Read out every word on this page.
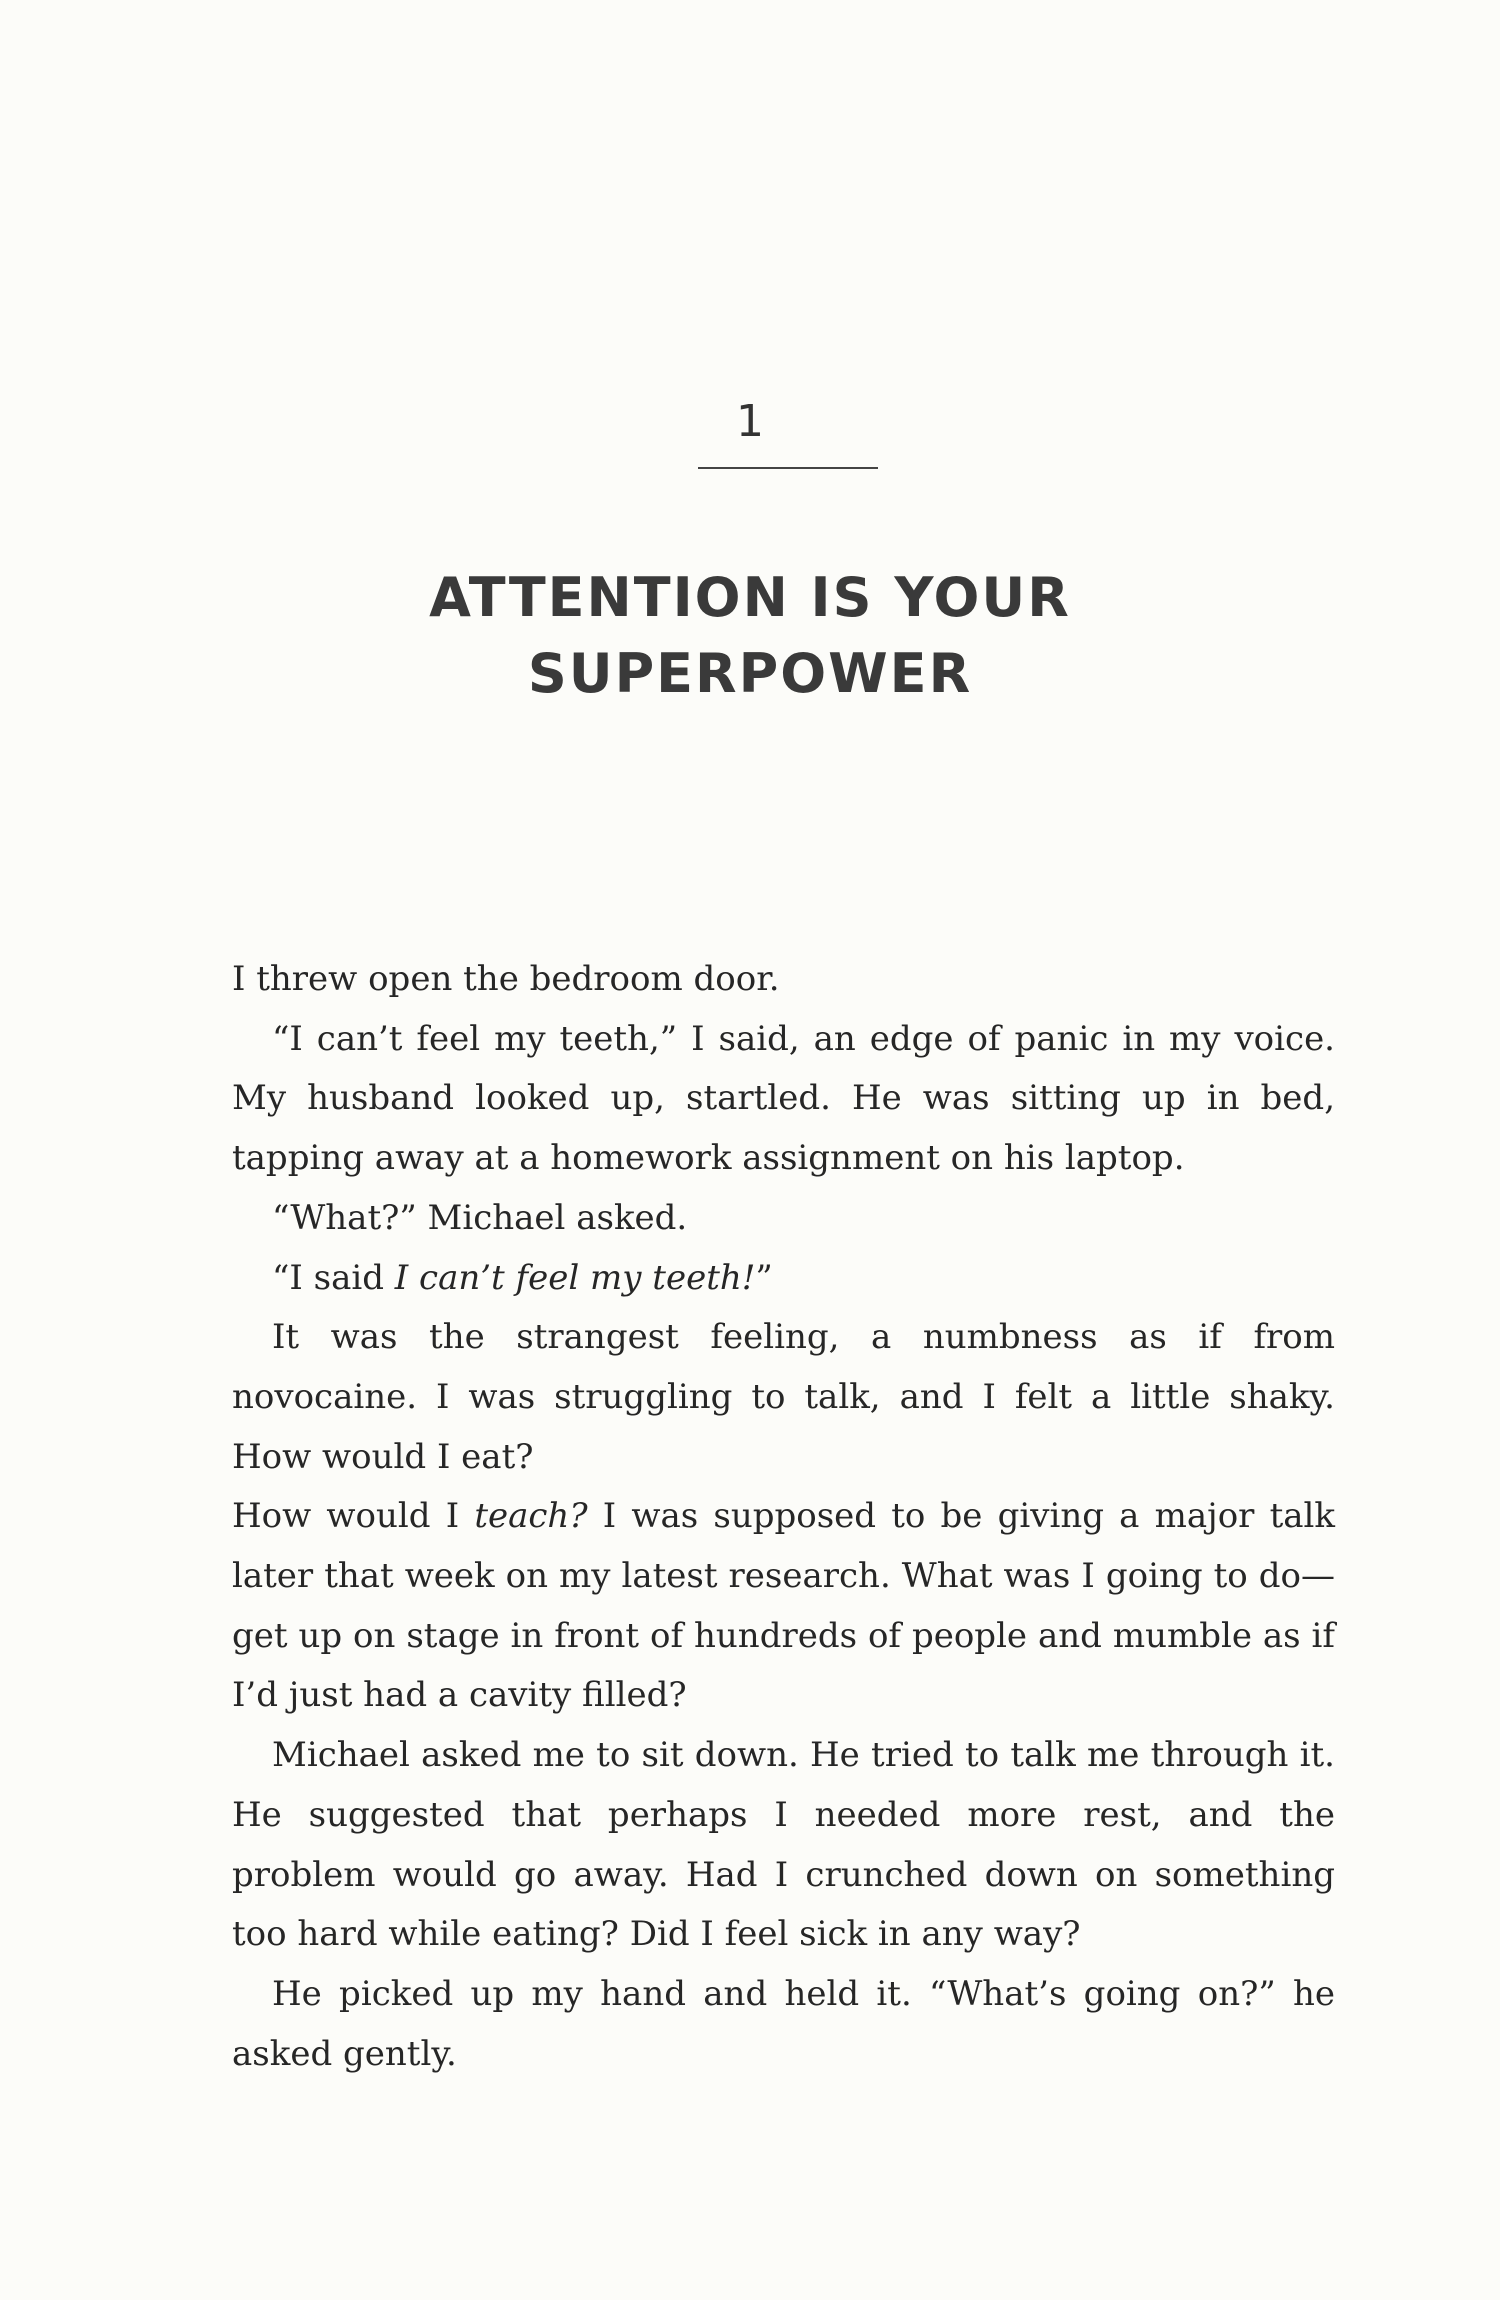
1
ATTENTION IS YOUR
SUPERPOWER

I threw open the bedroom door.

“I can’t feel my teeth,” I said, an edge of panic in my voice. My husband looked up, startled. He was sitting up in bed, tapping away at a homework assignment on his laptop.

“What?” Michael asked.

“I said I can’t feel my teeth!”

It was the strangest feeling, a numbness as if from novocaine. I was struggling to talk, and I felt a little shaky. How would I eat?

How would I teach? I was supposed to be giving a major talk later that week on my latest research. What was I going to do—get up on stage in front of hundreds of people and mumble as if I’d just had a cavity filled?

Michael asked me to sit down. He tried to talk me through it. He suggested that perhaps I needed more rest, and the problem would go away. Had I crunched down on something too hard while eating? Did I feel sick in any way?

He picked up my hand and held it. “What’s going on?” he asked gently.
